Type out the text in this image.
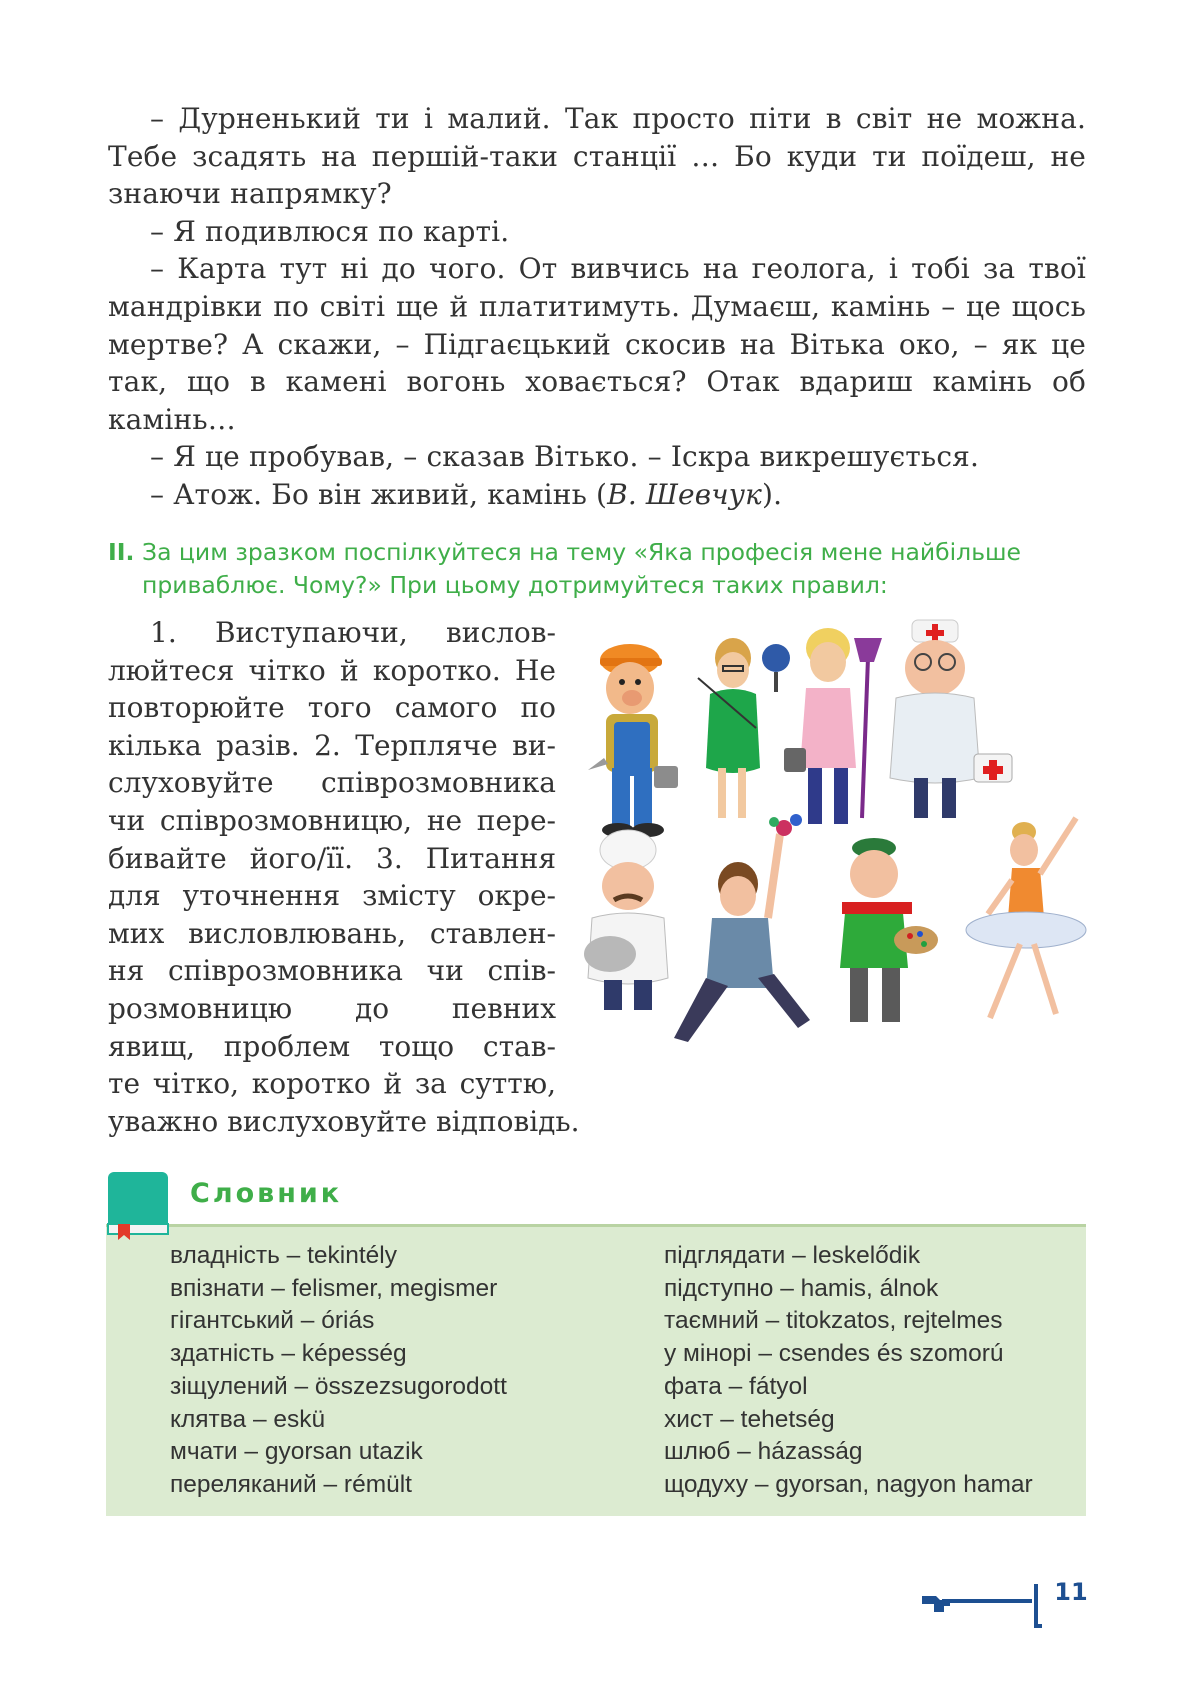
– Дурненький ти і малий. Так просто піти в світ не можна. Тебе зсадять на першій-таки станції … Бо куди ти поїдеш, не знаючи напрямку?

– Я подивлюся по карті.

– Карта тут ні до чого. От вивчись на геолога, і тобі за твої мандрівки по світі ще й платитимуть. Думаєш, камінь – це щось мертве? А скажи, – Підгаєцький скосив на Вітька око, – як це так, що в камені вогонь ховається? Отак вдариш камінь об камінь…

– Я це пробував, – сказав Вітько. – Іскра викрешується.

– Атож. Бо він живий, камінь (В. Шевчук).

II. За цим зразком поспілкуйтеся на тему «Яка професія мене найбільше приваблює. Чому?» При цьому дотримуйтеся таких правил:
1. Виступаючи, вислов-
люйтеся чітко й коротко. Не
повторюйте того самого по
кілька разів. 2. Терпляче ви-
слуховуйте співрозмовника
чи співрозмовницю, не пере-
бивайте його/її. 3. Питання
для уточнення змісту окре-
мих висловлювань, ставлен-
ня співрозмовника чи спів-
розмовницю до певних
явищ, проблем тощо став-
те чітко, коротко й за суттю,
уважно вислуховуйте відповідь.
Словник
владність – tekintély
впізнати – felismer, megismer
гігантський – óriás
здатність – képesség
зіщулений – összezsugorodott
клятва – eskü
мчати – gyorsan utazik
переляканий – rémült
підглядати – leskelődik
підступно – hamis, álnok
таємний – titokzatos, rejtelmes
у мінорі – csendes és szomorú
фата – fátyol
хист – tehetség
шлюб – házasság
щодуху – gyorsan, nagyon hamar
11
